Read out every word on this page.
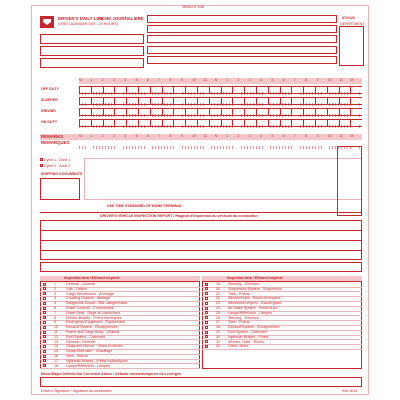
98VAD 07058
DRIVER'S DAILY LOG
FICHE JOURNALIERE
(ONE CALENDAR DAY - 24 HOURS)
870/120
DEPARTMENT
M	1	2	3	4	5	6	7	8	9	10	11	N	1	2	3	4	5	6	7	8	9	10	11	M
REMARKS
REMARQUES
M	1	2	3	4	5	6	7	8	9	10	11	N	1	2	3	4	5	6	7	8	9	10	11	M
Cycle 1 - Zone 1
Cycle 2 - Zone 2
SHIPPING DOCUMENTS
USE TIME STANDARD OF HOME TERMINAL
DRIVER'S VEHICLE INSPECTION REPORT / Rapport d'inspection du véhicule du conducteur
Inspection Item / Élément inspecté	Inspection Item / Élément inspecté
Minor/Major Defects Not Corrected Above / Défauts mineurs/majeurs non corrigés
Driver's Signature / Signature du conducteur	Rev. 8/13
OFF DUTY
SLEEPER
DRIVING
ON DUTY
1	General - Général
2	Cab - Cabine
3	Cargo Securement - Arrimage
4	Coupling Devices - Attelage
5	Dangerous Goods - Mat. dangereuses
6	Driver Controls - Commandes
7	Driver Seat - Siège du conducteur
8	Electric Brakes - Freins électriques
9	Emergency Equipment - Équipement
10 Exhaust System - Échappement
11 Frame and Cargo Body - Châssis
12 Fuel System - Carburant
13 General - Général
14 Glass and Mirrors - Vitres et miroirs
15 Heater/Defroster - Chauffage
16 Horn - Klaxon
17 Hydraulic Brakes - Freins hydrauliques
18 Lamps/Reflectors - Lampes
19 Steering - Direction
20 Suspension System - Suspension
21 Tires - Pneus
22 Wheels/Hubs - Roues et moyeux
23 Windshield Wipers - Essuie-glace
24 Air Brake System - Freins à air
25 Lamps/Reflectors - Lampes
26 Steering - Direction
27 Tires - Pneus
28 Exhaust System - Échappement
29 Fuel System - Carburant
30 Hydraulic Brakes - Freins
31 Wheels, Hubs - Roues
32 Other - Autre
